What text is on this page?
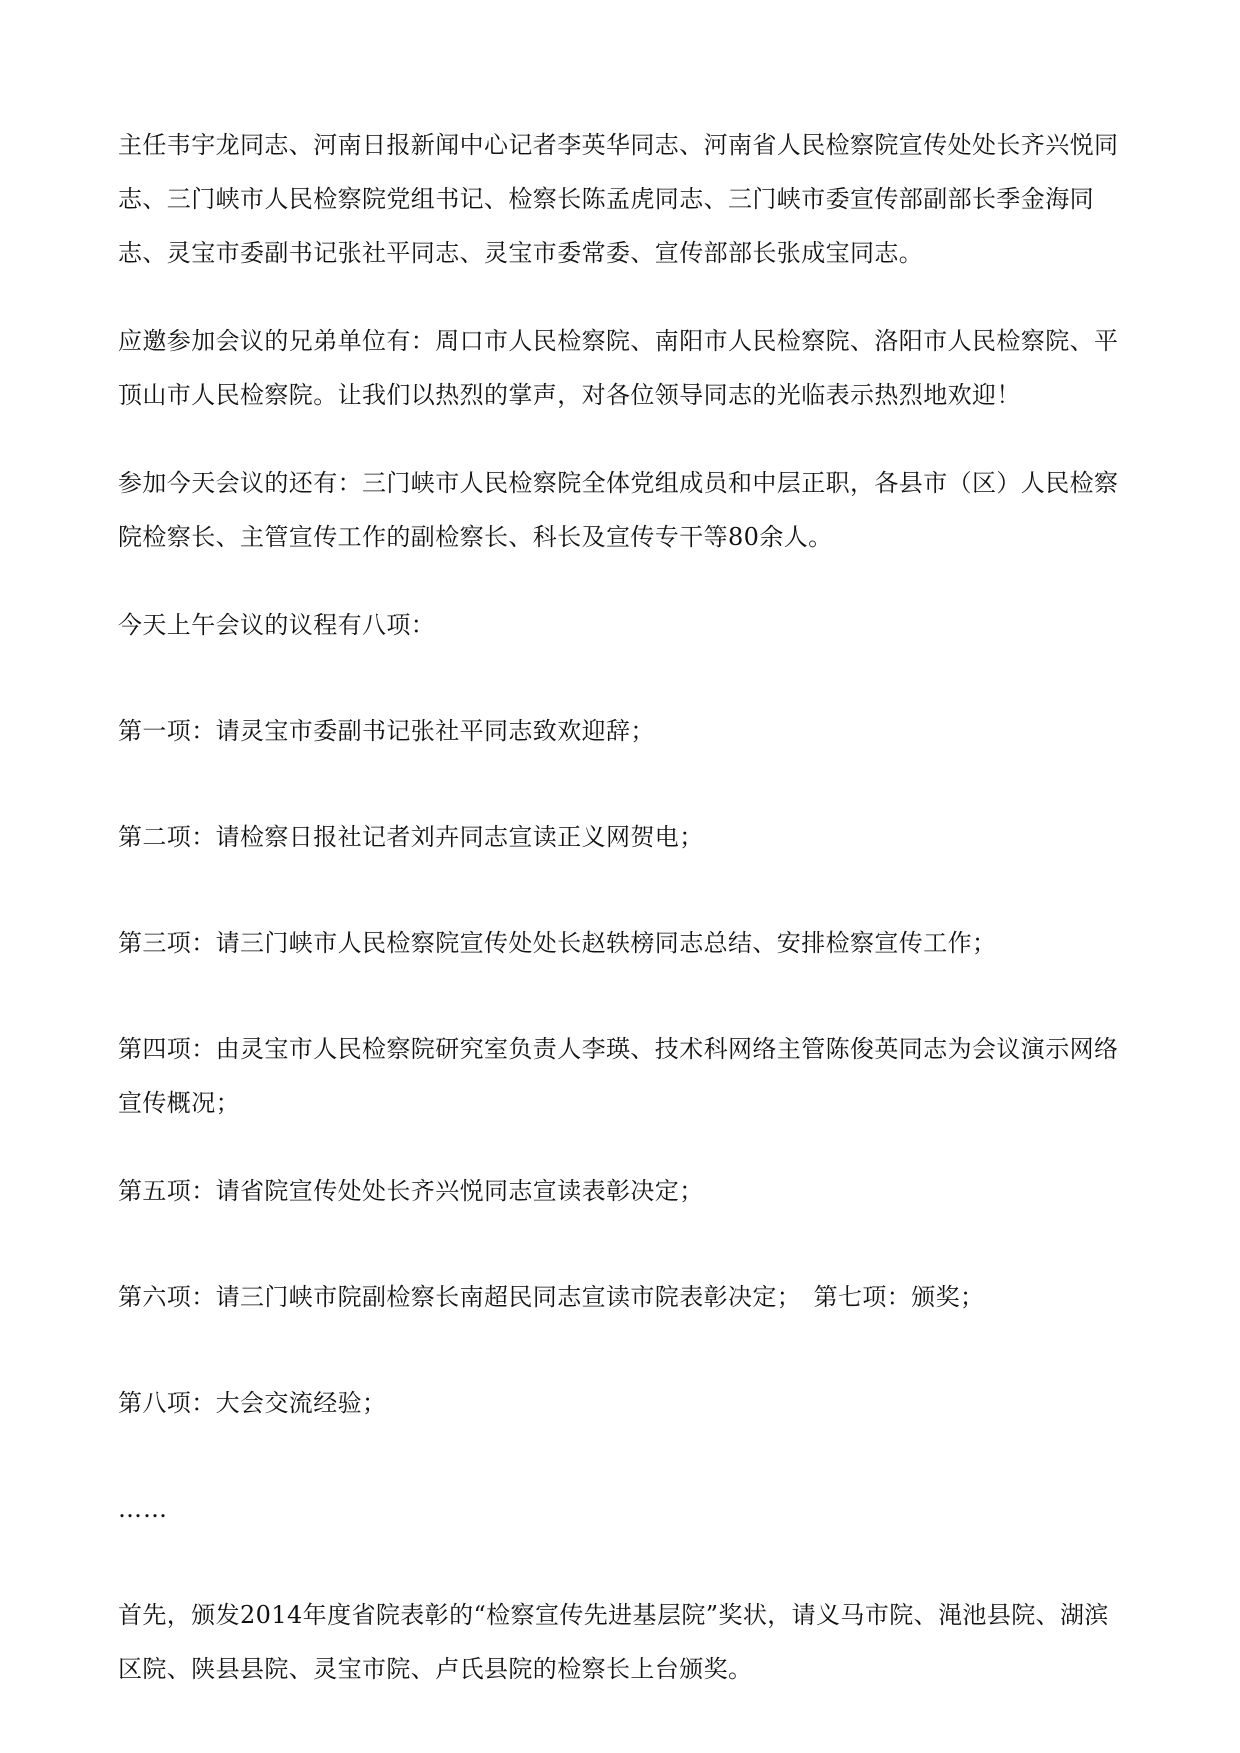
主任韦宇龙同志、河南日报新闻中心记者李英华同志、河南省人民检察院宣传处处长齐兴悦同志、三门峡市人民检察院党组书记、检察长陈孟虎同志、三门峡市委宣传部副部长季金海同志、灵宝市委副书记张社平同志、灵宝市委常委、宣传部部长张成宝同志。

应邀参加会议的兄弟单位有：周口市人民检察院、南阳市人民检察院、洛阳市人民检察院、平顶山市人民检察院。让我们以热烈的掌声，对各位领导同志的光临表示热烈地欢迎！

参加今天会议的还有：三门峡市人民检察院全体党组成员和中层正职，各县市（区）人民检察院检察长、主管宣传工作的副检察长、科长及宣传专干等80余人。

今天上午会议的议程有八项：

第一项：请灵宝市委副书记张社平同志致欢迎辞；

第二项：请检察日报社记者刘卉同志宣读正义网贺电；

第三项：请三门峡市人民检察院宣传处处长赵轶榜同志总结、安排检察宣传工作；

第四项：由灵宝市人民检察院研究室负责人李瑛、技术科网络主管陈俊英同志为会议演示网络宣传概况；

第五项：请省院宣传处处长齐兴悦同志宣读表彰决定；

第六项：请三门峡市院副检察长南超民同志宣读市院表彰决定；　第七项：颁奖；

第八项：大会交流经验；

……

首先，颁发2014年度省院表彰的“检察宣传先进基层院”奖状，请义马市院、渑池县院、湖滨区院、陕县县院、灵宝市院、卢氏县院的检察长上台颁奖。
